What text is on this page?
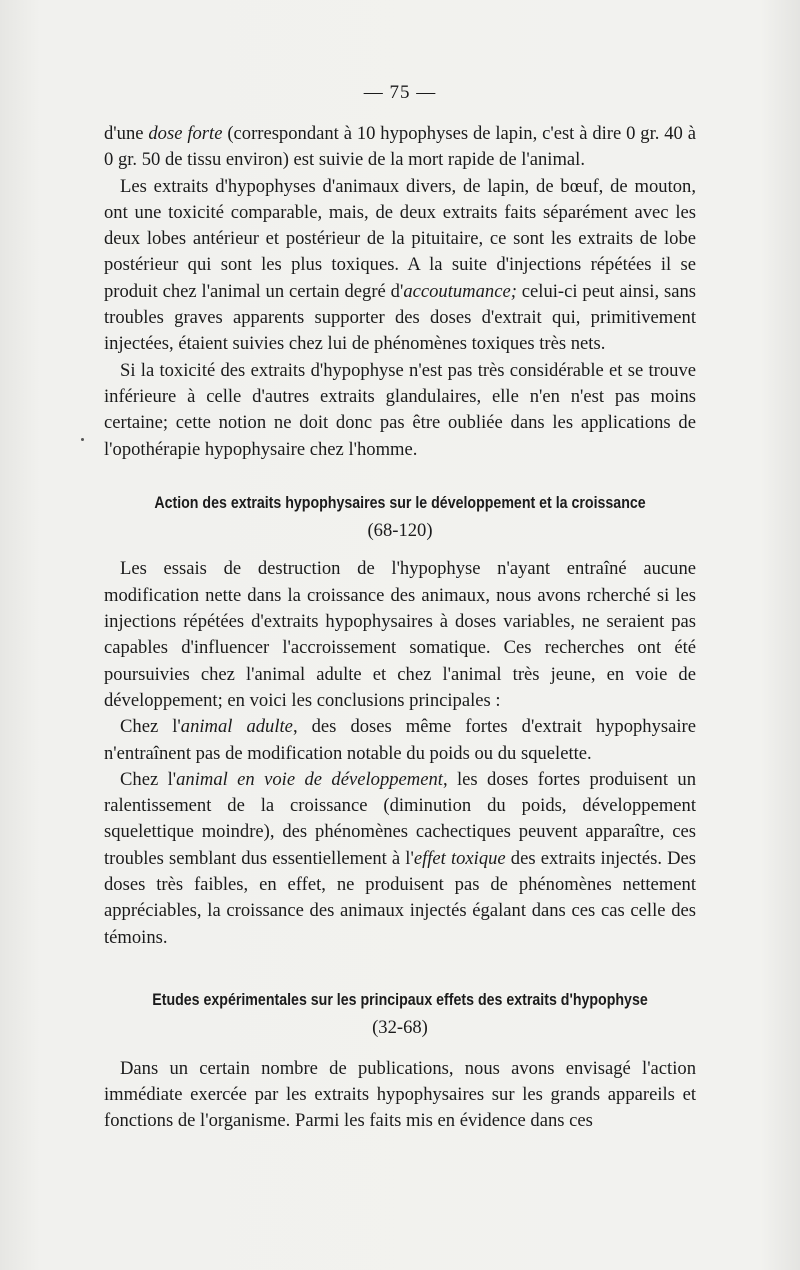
— 75 —

d'une dose forte (correspondant à 10 hypophyses de lapin, c'est à dire 0 gr. 40 à 0 gr. 50 de tissu environ) est suivie de la mort rapide de l'animal.

Les extraits d'hypophyses d'animaux divers, de lapin, de bœuf, de mouton, ont une toxicité comparable, mais, de deux extraits faits séparément avec les deux lobes antérieur et postérieur de la pituitaire, ce sont les extraits de lobe postérieur qui sont les plus toxiques. A la suite d'injections répétées il se produit chez l'animal un certain degré d'accoutumance; celui-ci peut ainsi, sans troubles graves apparents supporter des doses d'extrait qui, primitivement injectées, étaient suivies chez lui de phénomènes toxiques très nets.

Si la toxicité des extraits d'hypophyse n'est pas très considérable et se trouve inférieure à celle d'autres extraits glandulaires, elle n'en n'est pas moins certaine; cette notion ne doit donc pas être oubliée dans les applications de l'opothérapie hypophysaire chez l'homme.

Action des extraits hypophysaires sur le développement et la croissance
(68-120)

Les essais de destruction de l'hypophyse n'ayant entraîné aucune modification nette dans la croissance des animaux, nous avons rcherché si les injections répétées d'extraits hypophysaires à doses variables, ne seraient pas capables d'influencer l'accroissement somatique. Ces recherches ont été poursuivies chez l'animal adulte et chez l'animal très jeune, en voie de développement; en voici les conclusions principales :

Chez l'animal adulte, des doses même fortes d'extrait hypophysaire n'entraînent pas de modification notable du poids ou du squelette.

Chez l'animal en voie de développement, les doses fortes produisent un ralentissement de la croissance (diminution du poids, développement squelettique moindre), des phénomènes cachectiques peuvent apparaître, ces troubles semblant dus essentiellement à l'effet toxique des extraits injectés. Des doses très faibles, en effet, ne produisent pas de phénomènes nettement appréciables, la croissance des animaux injectés égalant dans ces cas celle des témoins.

Etudes expérimentales sur les principaux effets des extraits d'hypophyse
(32-68)

Dans un certain nombre de publications, nous avons envisagé l'action immédiate exercée par les extraits hypophysaires sur les grands appareils et fonctions de l'organisme. Parmi les faits mis en évidence dans ces
